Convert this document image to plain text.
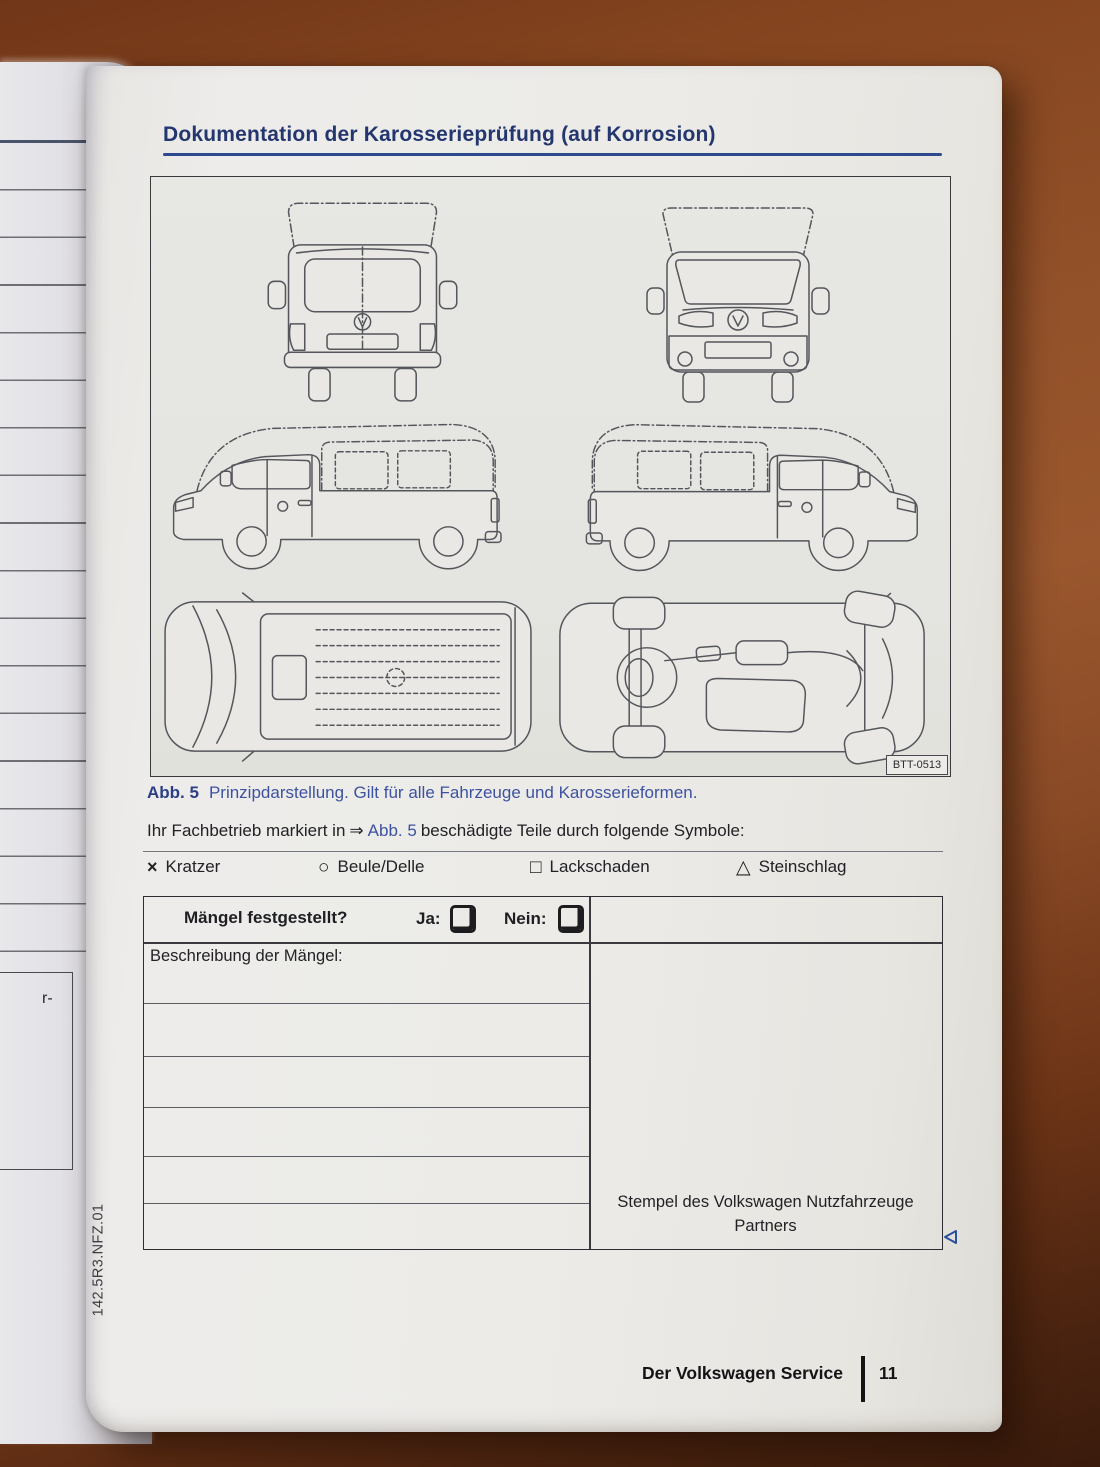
r-
Dokumentation der Karosserieprüfung (auf Korrosion)
BTT-0513
Abb. 5 Prinzipdarstellung. Gilt für alle Fahrzeuge und Karosserieformen.
Ihr Fachbetrieb markiert in ⇒ Abb. 5 beschädigte Teile durch folgende Symbole:
× Kratzer	○ Beule/Delle	□ Lackschaden	△ Steinschlag
Mängel festgestellt?	Ja:	Nein:
Beschreibung der Mängel:
Stempel des Volkswagen Nutzfahrzeuge
Partners
142.5R3.NFZ.01
Der Volkswagen Service 11
